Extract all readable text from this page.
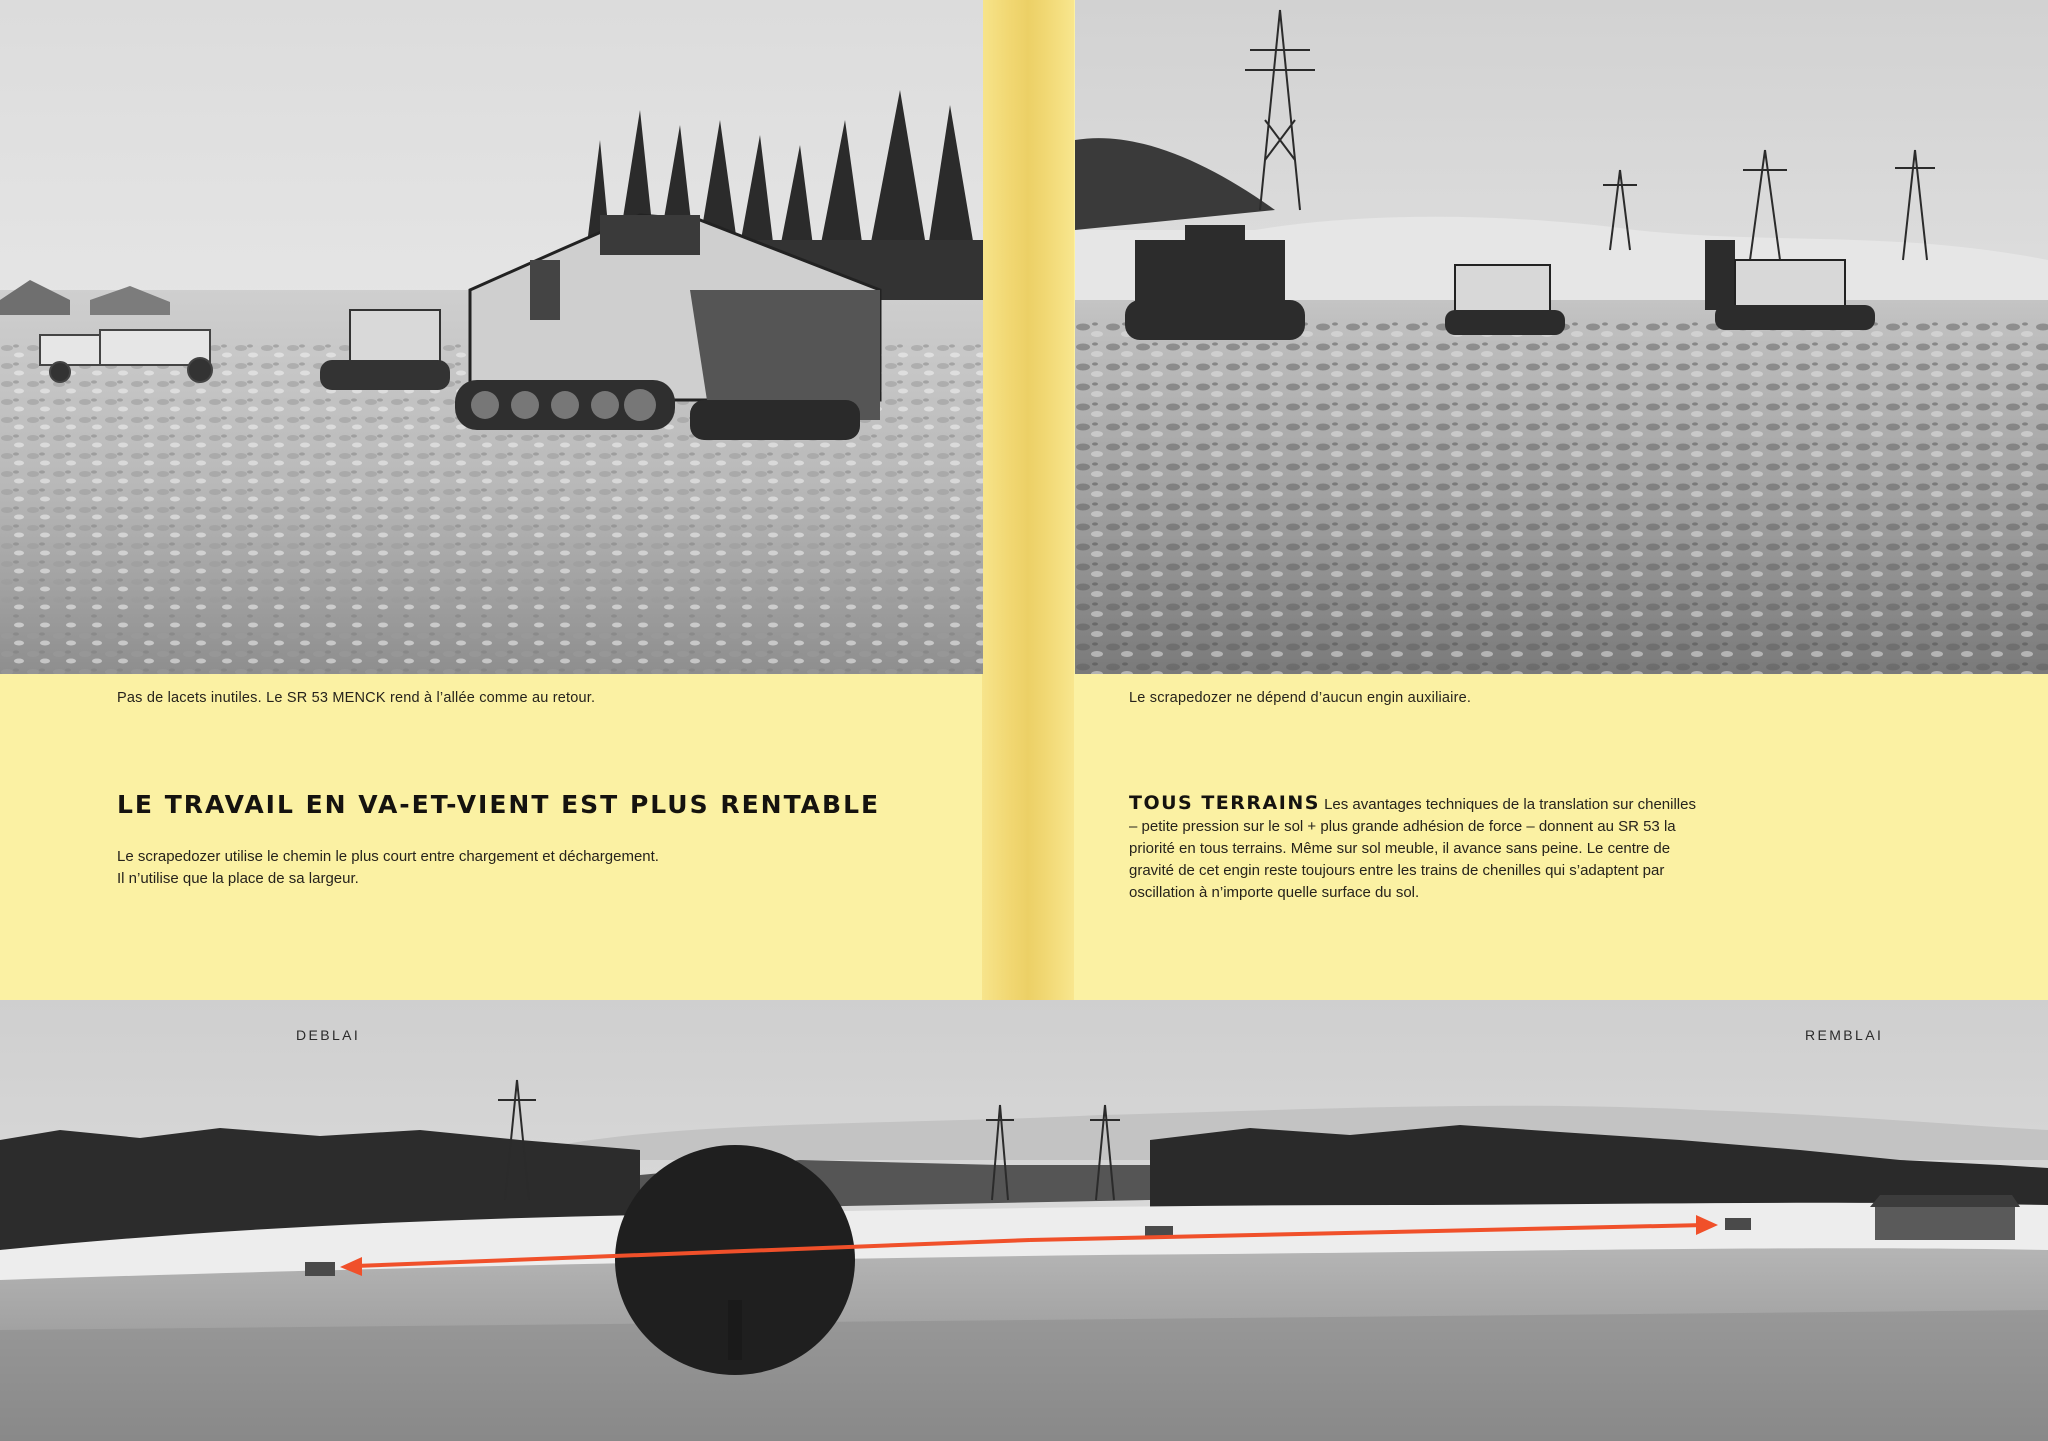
Pas de lacets inutiles. Le SR 53 MENCK rend à l’allée comme au retour.	Le scrapedozer ne dépend d’aucun engin auxiliaire.
LE TRAVAIL EN VA-ET-VIENT EST PLUS RENTABLE

Le scrapedozer utilise le chemin le plus court entre chargement et déchargement.

Il n’utilise que la place de sa largeur.

TOUS TERRAINS Les avantages techniques de la translation sur chenilles

– petite pression sur le sol + plus grande adhésion de force – donnent au SR 53 la

priorité en tous terrains. Même sur sol meuble, il avance sans peine. Le centre de

gravité de cet engin reste toujours entre les trains de chenilles qui s’adaptent par

oscillation à n’importe quelle surface du sol.

DEBLAI	REMBLAI
